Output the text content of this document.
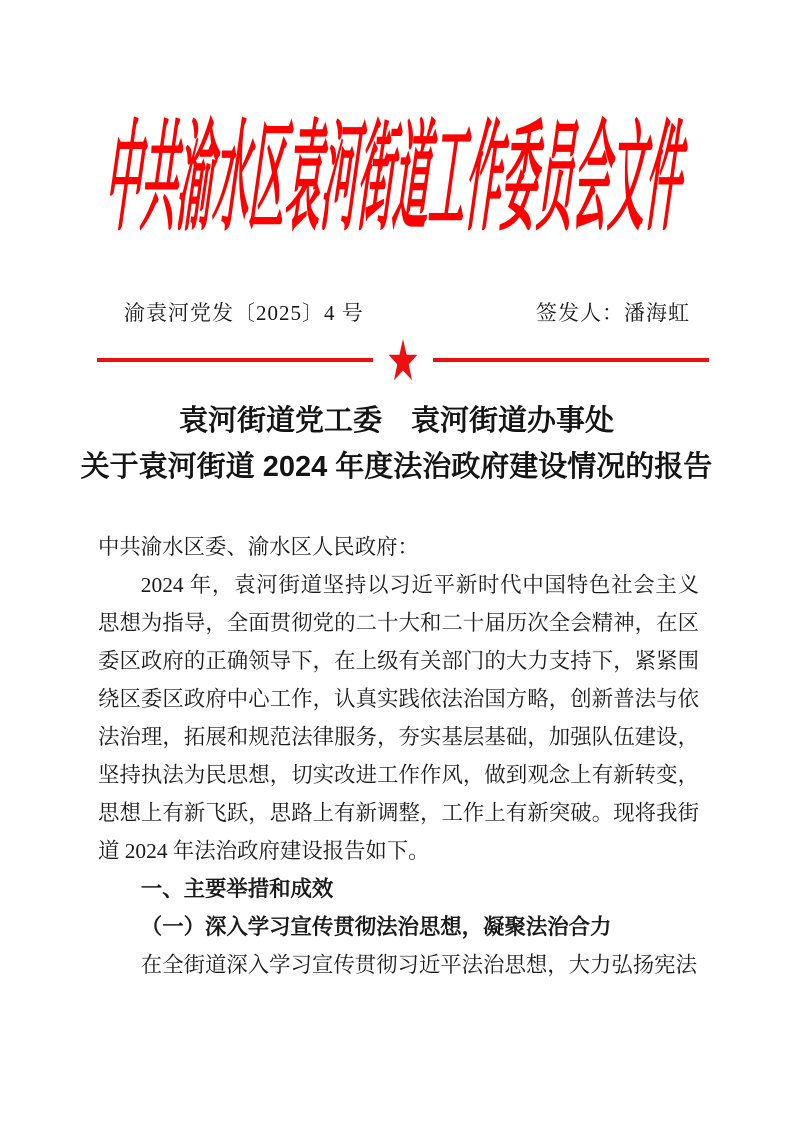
中共渝水区袁河街道工作委员会文件
渝袁河党发〔2025〕4 号	签发人：潘海虹
袁河街道党工委　袁河街道办事处
关于袁河街道 2024 年度法治政府建设情况的报告

中共渝水区委、渝水区人民政府：

2024 年，袁河街道坚持以习近平新时代中国特色社会主义思想为指导，全面贯彻党的二十大和二十届历次全会精神，在区委区政府的正确领导下，在上级有关部门的大力支持下，紧紧围绕区委区政府中心工作，认真实践依法治国方略，创新普法与依法治理，拓展和规范法律服务，夯实基层基础，加强队伍建设，坚持执法为民思想，切实改进工作作风，做到观念上有新转变，思想上有新飞跃，思路上有新调整，工作上有新突破。现将我街道 2024 年法治政府建设报告如下。

一、主要举措和成效

（一）深入学习宣传贯彻法治思想，凝聚法治合力

在全街道深入学习宣传贯彻习近平法治思想，大力弘扬宪法
